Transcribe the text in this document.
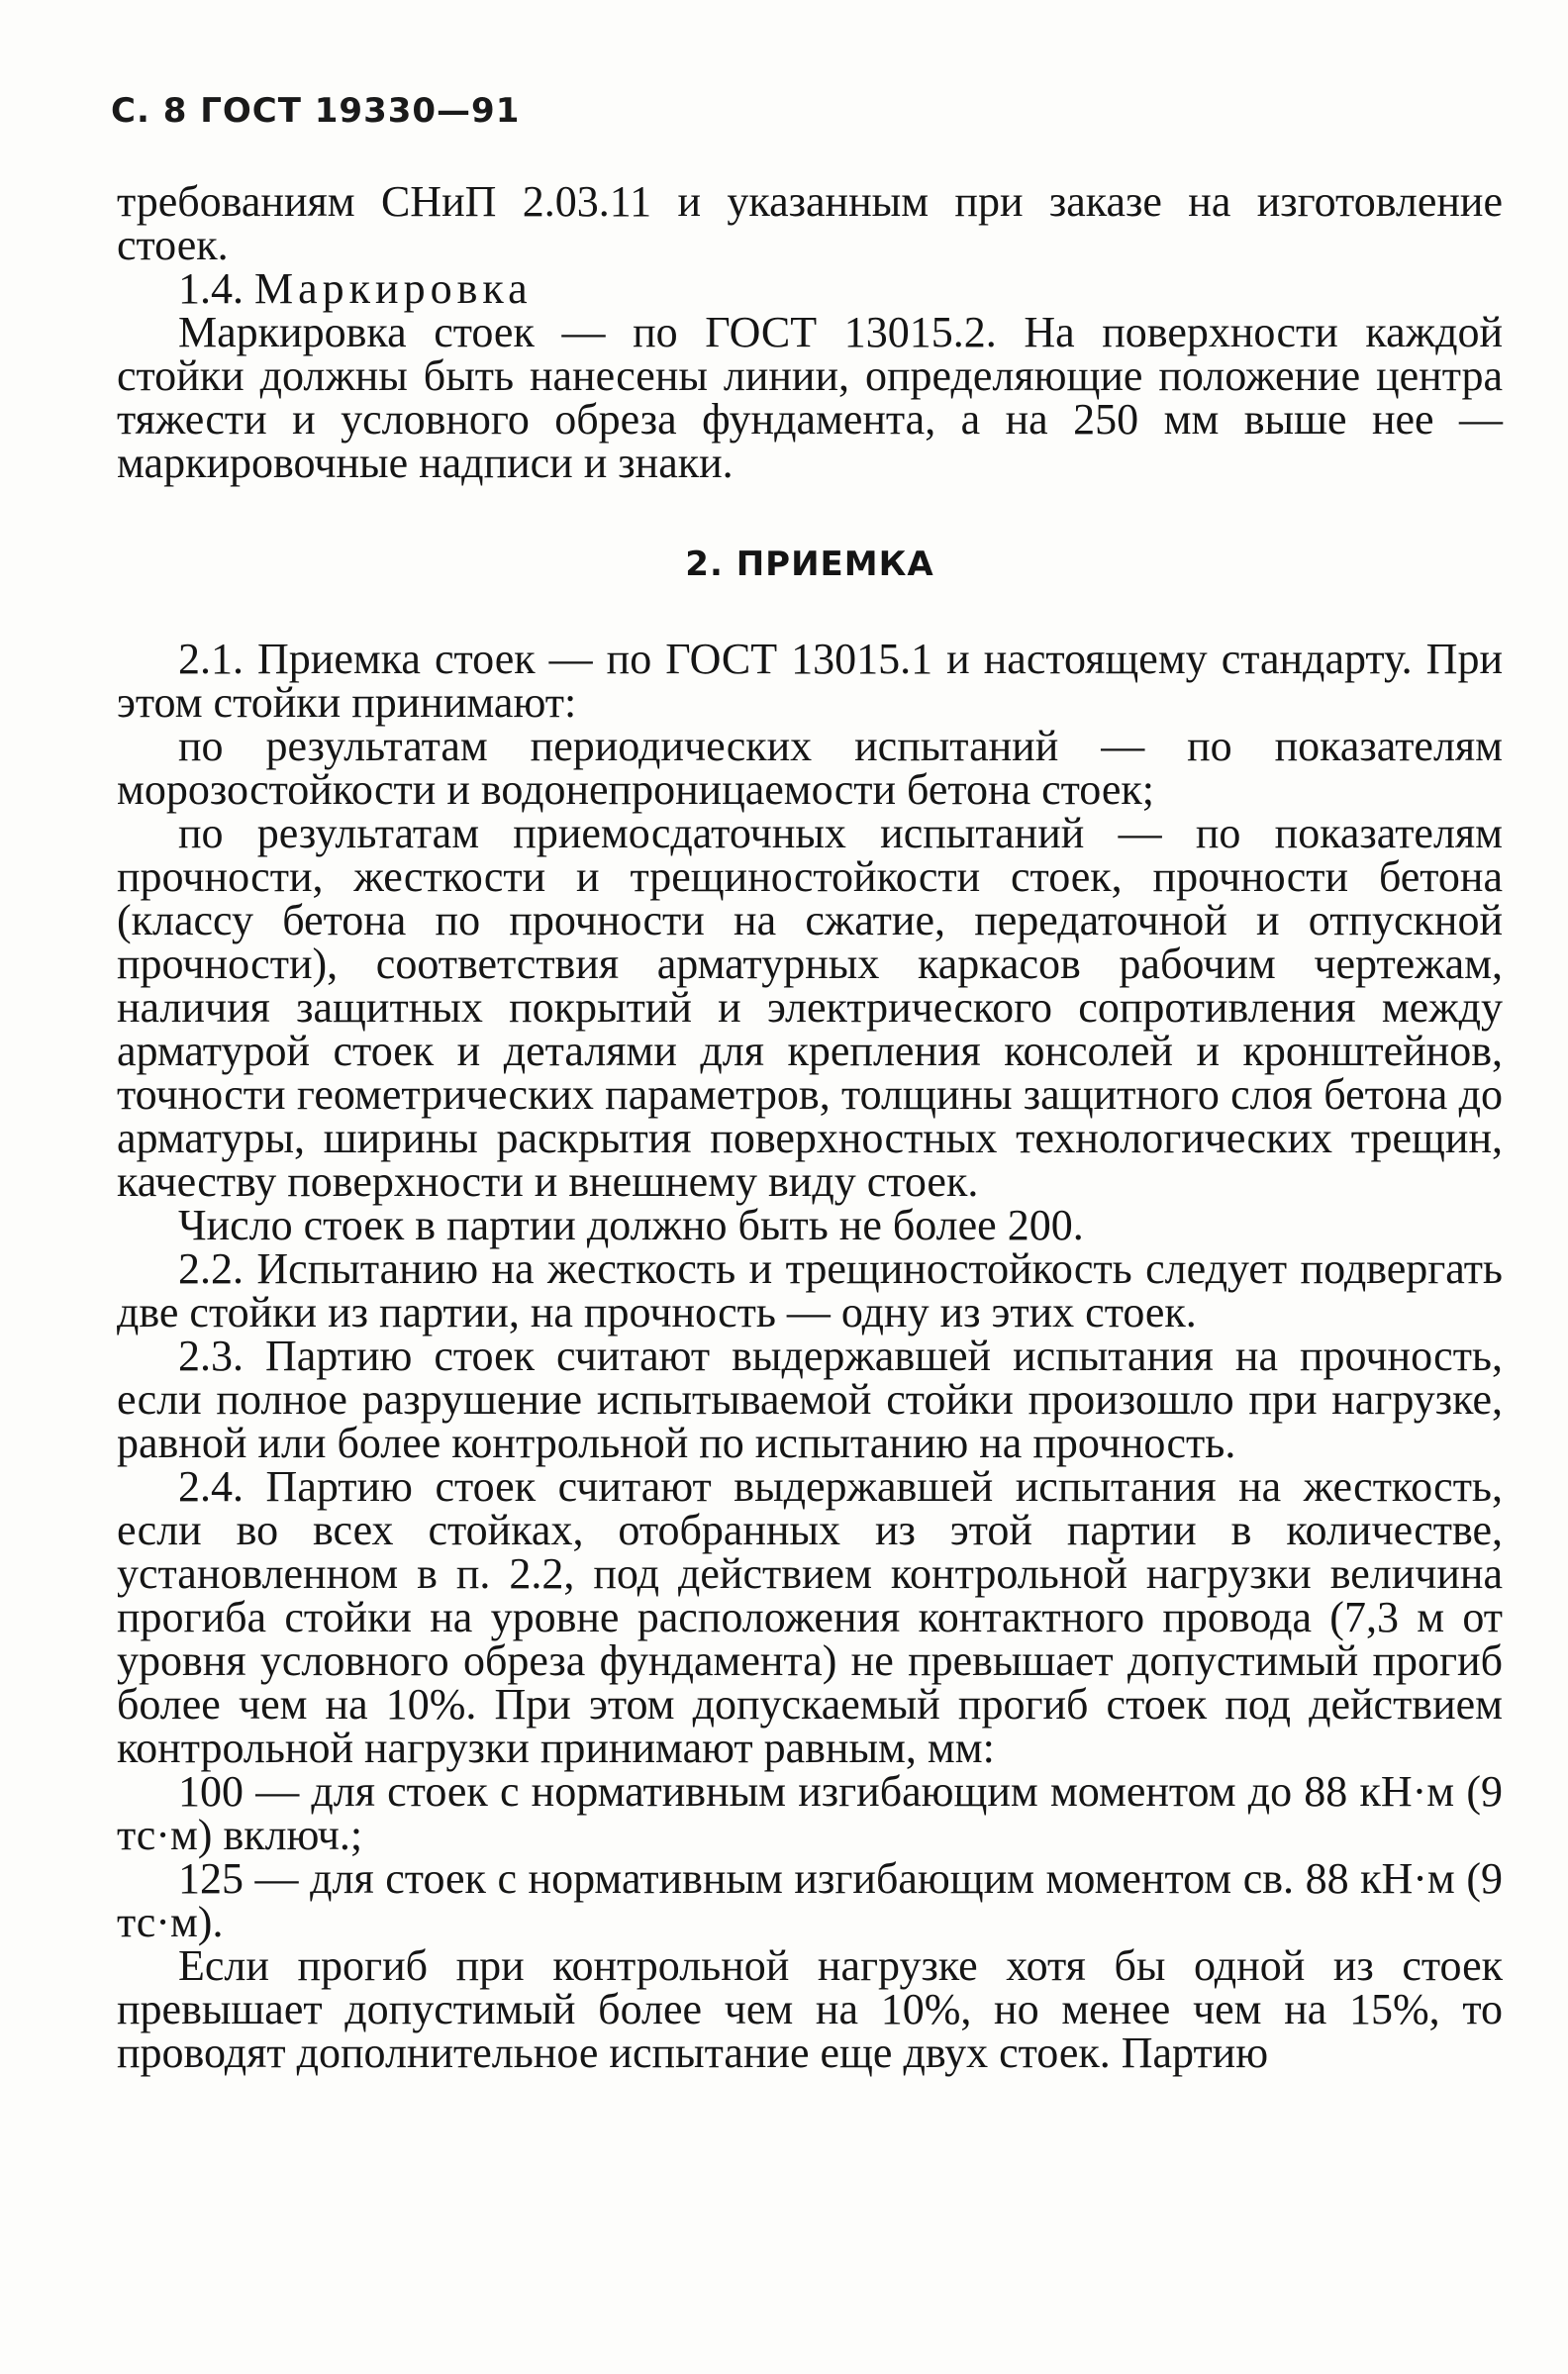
С. 8 ГОСТ 19330—91

требованиям СНиП 2.03.11 и указанным при заказе на изготовление стоек.

1.4. Маркировка

Маркировка стоек — по ГОСТ 13015.2. На поверхности каждой стойки должны быть нанесены линии, определяющие положение центра тяжести и условного обреза фундамента, а на 250 мм выше нее — маркировочные надписи и знаки.

2. ПРИЕМКА

2.1. Приемка стоек — по ГОСТ 13015.1 и настоящему стандарту. При этом стойки принимают:

по результатам периодических испытаний — по показателям морозостойкости и водонепроницаемости бетона стоек;

по результатам приемосдаточных испытаний — по показателям прочности, жесткости и трещиностойкости стоек, прочности бетона (классу бетона по прочности на сжатие, передаточной и отпускной прочности), соответствия арматурных каркасов рабочим чертежам, наличия защитных покрытий и электрического сопротивления между арматурой стоек и деталями для крепления консолей и кронштейнов, точности геометрических параметров, толщины защитного слоя бетона до арматуры, ширины раскрытия поверхностных технологических трещин, качеству поверхности и внешнему виду стоек.

Число стоек в партии должно быть не более 200.

2.2. Испытанию на жесткость и трещиностойкость следует подвергать две стойки из партии, на прочность — одну из этих стоек.

2.3. Партию стоек считают выдержавшей испытания на прочность, если полное разрушение испытываемой стойки произошло при нагрузке, равной или более контрольной по испытанию на прочность.

2.4. Партию стоек считают выдержавшей испытания на жесткость, если во всех стойках, отобранных из этой партии в количестве, установленном в п. 2.2, под действием контрольной нагрузки величина прогиба стойки на уровне расположения контактного провода (7,3 м от уровня условного обреза фундамента) не превышает допустимый прогиб более чем на 10%. При этом допускаемый прогиб стоек под действием контрольной нагрузки принимают равным, мм:

100 — для стоек с нормативным изгибающим моментом до 88 кН·м (9 тс·м) включ.;

125 — для стоек с нормативным изгибающим моментом св. 88 кН·м (9 тс·м).

Если прогиб при контрольной нагрузке хотя бы одной из стоек превышает допустимый более чем на 10%, но менее чем на 15%, то проводят дополнительное испытание еще двух стоек. Партию
